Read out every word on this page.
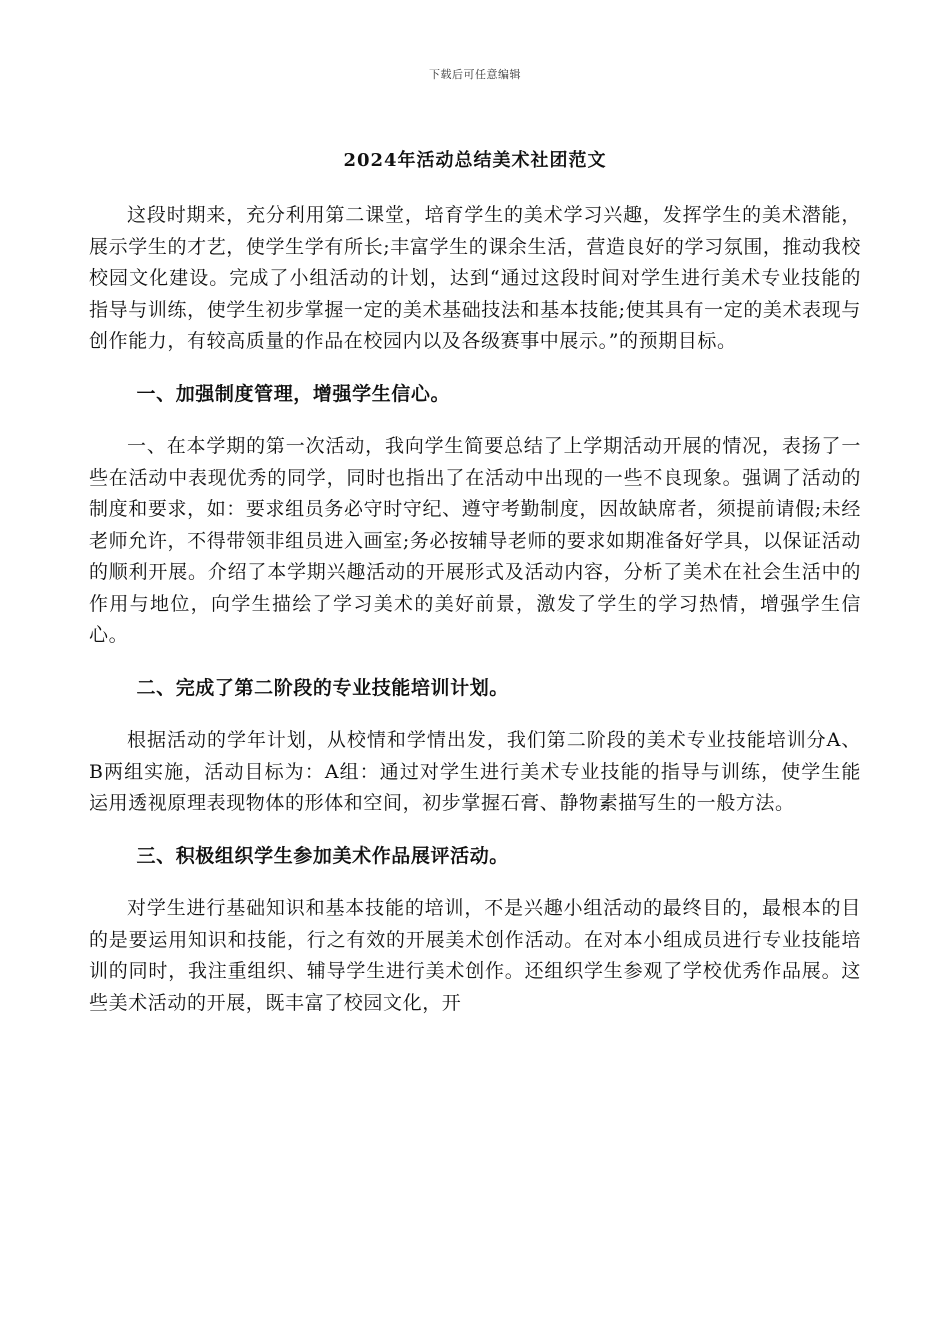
下载后可任意编辑
2024年活动总结美术社团范文

这段时期来，充分利用第二课堂，培育学生的美术学习兴趣，发挥学生的美术潜能，展示学生的才艺，使学生学有所长;丰富学生的课余生活，营造良好的学习氛围，推动我校校园文化建设。完成了小组活动的计划，达到“通过这段时间对学生进行美术专业技能的指导与训练，使学生初步掌握一定的美术基础技法和基本技能;使其具有一定的美术表现与创作能力，有较高质量的作品在校园内以及各级赛事中展示。”的预期目标。

一、加强制度管理，增强学生信心。

一、在本学期的第一次活动，我向学生简要总结了上学期活动开展的情况，表扬了一些在活动中表现优秀的同学，同时也指出了在活动中出现的一些不良现象。强调了活动的制度和要求，如：要求组员务必守时守纪、遵守考勤制度，因故缺席者，须提前请假;未经老师允许，不得带领非组员进入画室;务必按辅导老师的要求如期准备好学具，以保证活动的顺利开展。介绍了本学期兴趣活动的开展形式及活动内容，分析了美术在社会生活中的作用与地位，向学生描绘了学习美术的美好前景，激发了学生的学习热情，增强学生信心。

二、完成了第二阶段的专业技能培训计划。

根据活动的学年计划，从校情和学情出发，我们第二阶段的美术专业技能培训分A、B两组实施，活动目标为：A组：通过对学生进行美术专业技能的指导与训练，使学生能运用透视原理表现物体的形体和空间，初步掌握石膏、静物素描写生的一般方法。

三、积极组织学生参加美术作品展评活动。

对学生进行基础知识和基本技能的培训，不是兴趣小组活动的最终目的，最根本的目的是要运用知识和技能，行之有效的开展美术创作活动。在对本小组成员进行专业技能培训的同时，我注重组织、辅导学生进行美术创作。还组织学生参观了学校优秀作品展。这些美术活动的开展，既丰富了校园文化，开
